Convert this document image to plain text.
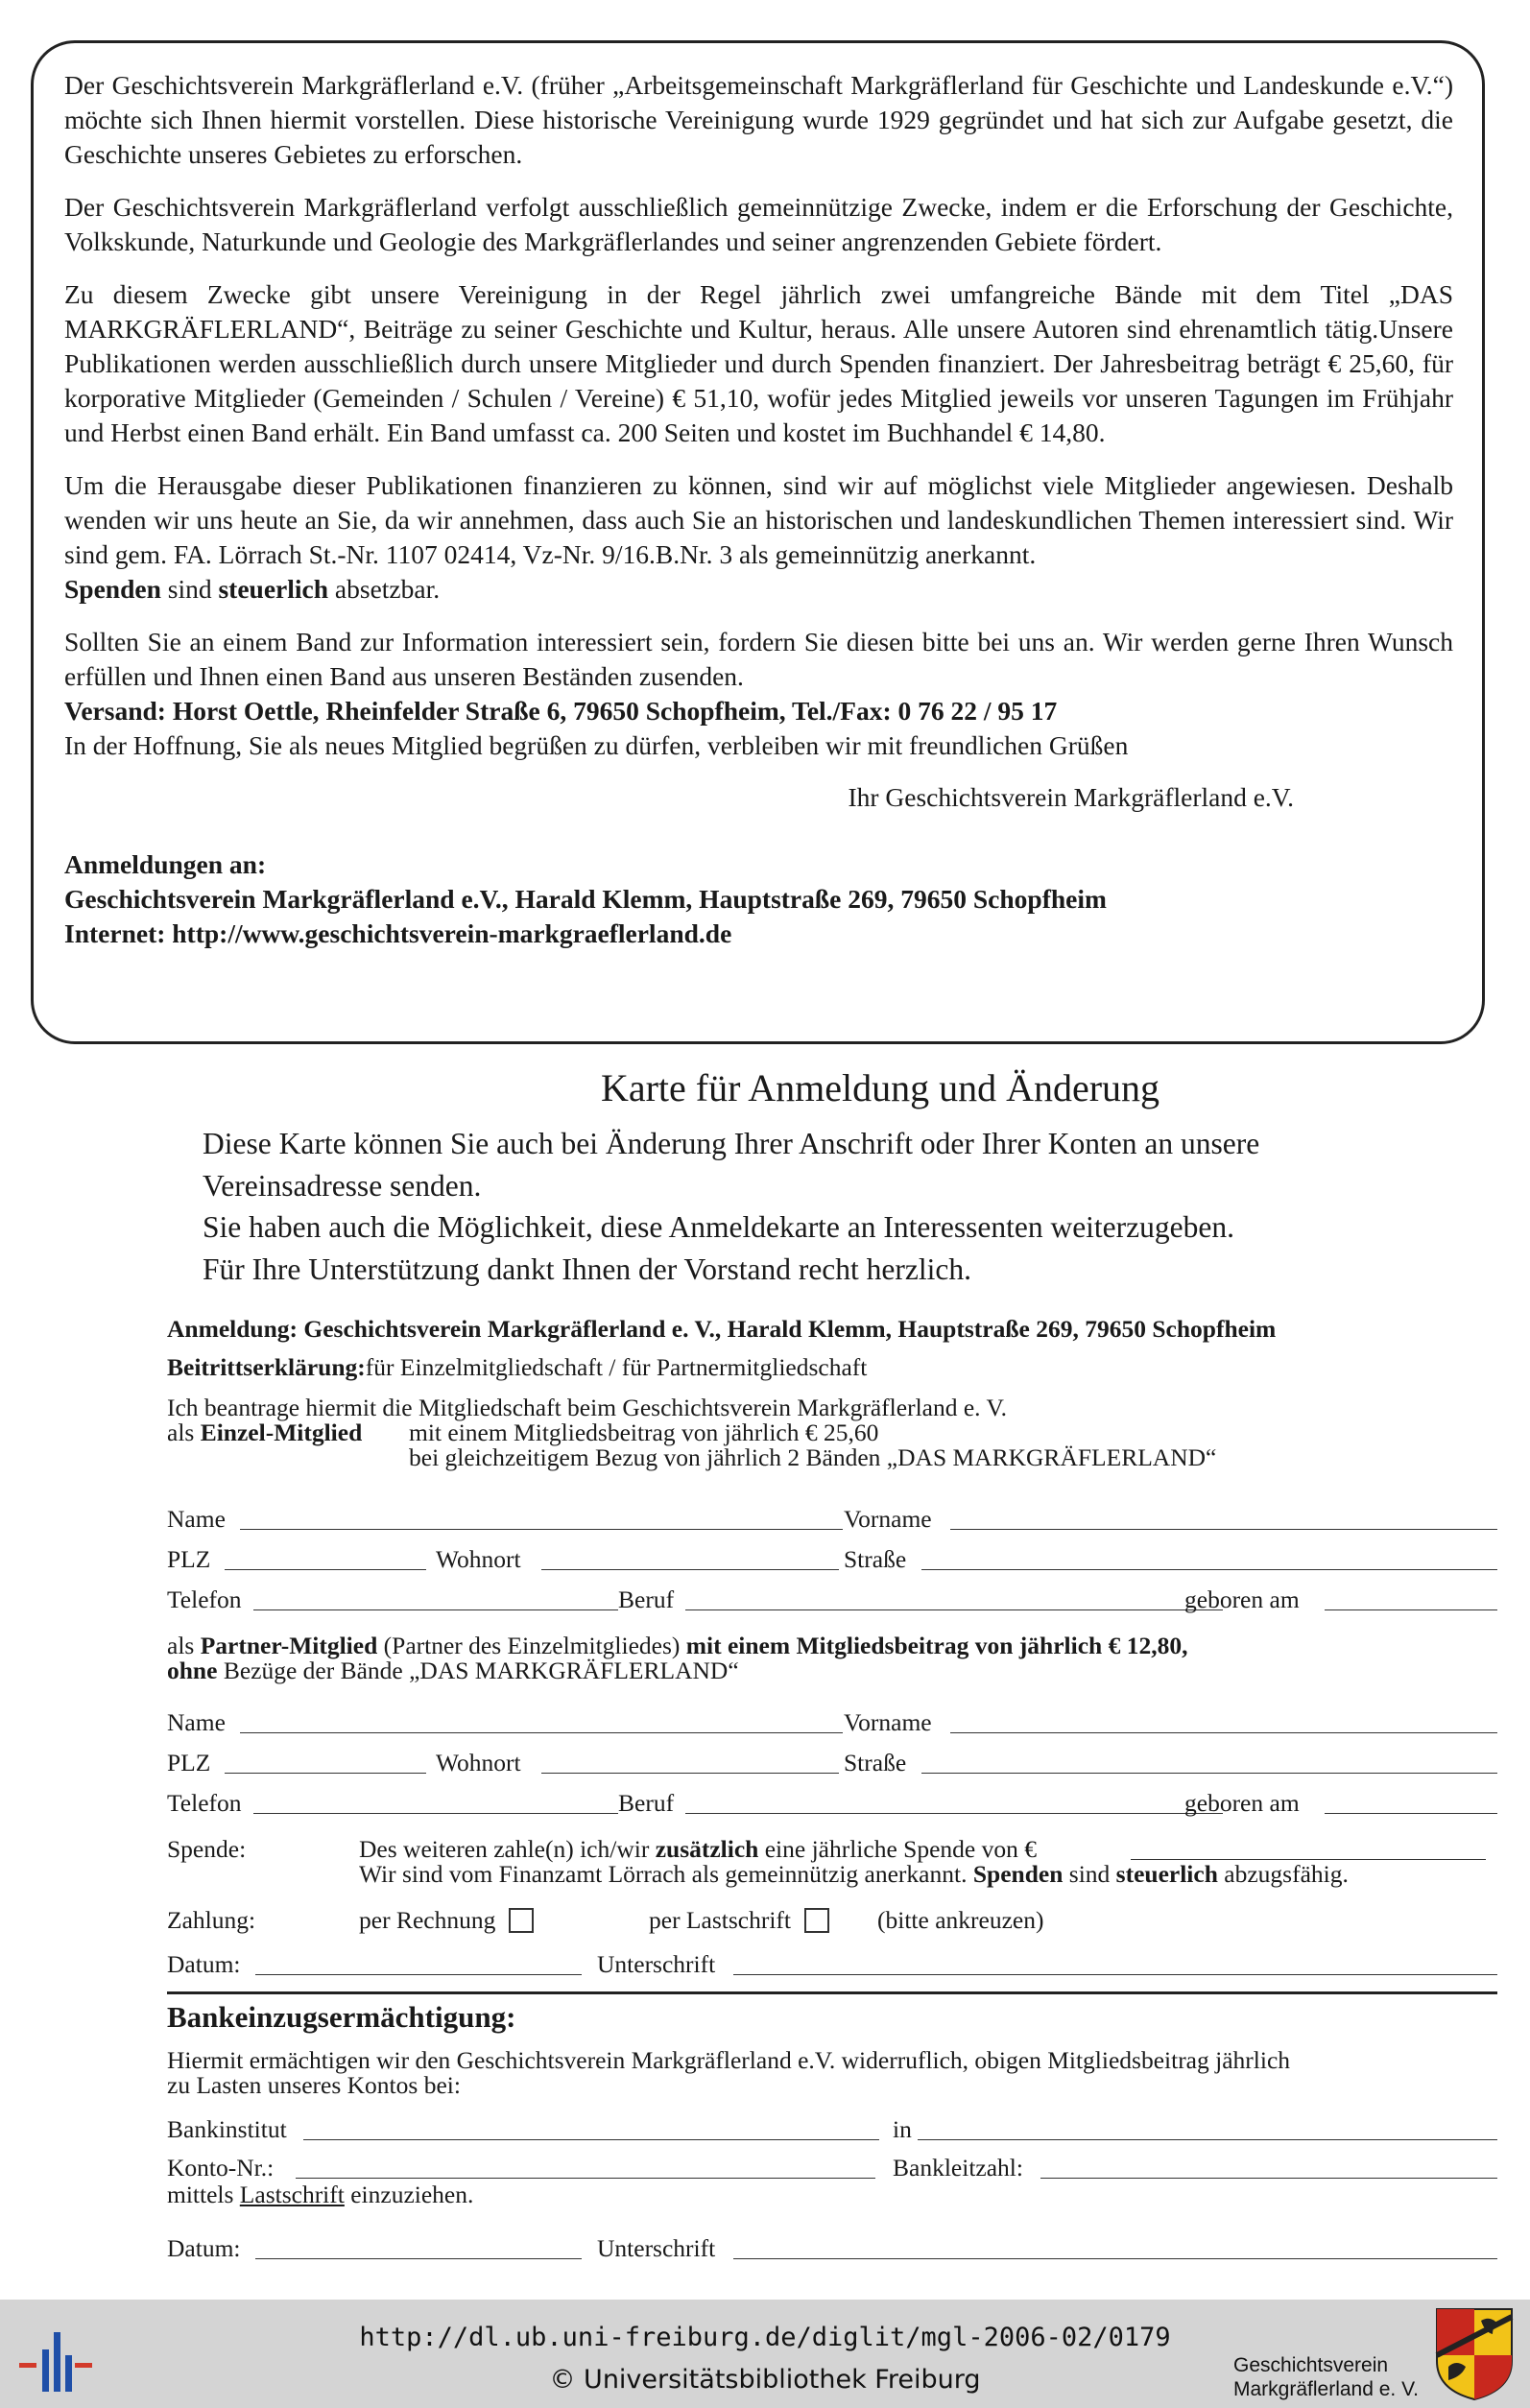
Der Geschichtsverein Markgräflerland e.V. (früher „Arbeitsgemeinschaft Markgräflerland für Geschichte und Landeskunde e.V.“) möchte sich Ihnen hiermit vorstellen. Diese historische Vereinigung wurde 1929 gegründet und hat sich zur Aufgabe gesetzt, die Geschichte unseres Gebietes zu erforschen.

Der Geschichtsverein Markgräflerland verfolgt ausschließlich gemeinnützige Zwecke, indem er die Erforschung der Geschichte, Volkskunde, Naturkunde und Geologie des Markgräflerlandes und seiner angrenzenden Gebiete fördert.

Zu diesem Zwecke gibt unsere Vereinigung in der Regel jährlich zwei umfangreiche Bände mit dem Titel „DAS MARKGRÄFLERLAND“, Beiträge zu seiner Geschichte und Kultur, heraus. Alle unsere Autoren sind ehrenamtlich tätig.Unsere Publikationen werden ausschließlich durch unsere Mitglieder und durch Spenden finanziert. Der Jahresbeitrag beträgt € 25,60, für korporative Mitglieder (Gemeinden / Schulen / Vereine) € 51,10, wofür jedes Mitglied jeweils vor unseren Tagungen im Frühjahr und Herbst einen Band erhält. Ein Band umfasst ca. 200 Seiten und kostet im Buchhandel € 14,80.

Um die Herausgabe dieser Publikationen finanzieren zu können, sind wir auf möglichst viele Mitglieder angewiesen. Deshalb wenden wir uns heute an Sie, da wir annehmen, dass auch Sie an historischen und landeskundlichen Themen interessiert sind. Wir sind gem. FA. Lörrach St.-Nr. 1107 02414, Vz-Nr. 9/16.B.Nr. 3 als gemeinnützig anerkannt.
Spenden sind steuerlich absetzbar.

Sollten Sie an einem Band zur Information interessiert sein, fordern Sie diesen bitte bei uns an. Wir werden gerne Ihren Wunsch erfüllen und Ihnen einen Band aus unseren Beständen zusenden.

Versand: Horst Oettle, Rheinfelder Straße 6, 79650 Schopfheim, Tel./Fax: 0 76 22 / 95 17

In der Hoffnung, Sie als neues Mitglied begrüßen zu dürfen, verbleiben wir mit freundlichen Grüßen

Ihr Geschichtsverein Markgräflerland e.V.

Anmeldungen an:

Geschichtsverein Markgräflerland e.V., Harald Klemm, Hauptstraße 269, 79650 Schopfheim

Internet: http://www.geschichtsverein-markgraeflerland.de

Karte für Anmeldung und Änderung
Diese Karte können Sie auch bei Änderung Ihrer Anschrift oder Ihrer Konten an unsere
Vereinsadresse senden.
Sie haben auch die Möglichkeit, diese Anmeldekarte an Interessenten weiterzugeben.
Für Ihre Unterstützung dankt Ihnen der Vorstand recht herzlich.
Anmeldung: Geschichtsverein Markgräflerland e. V., Harald Klemm, Hauptstraße 269, 79650 Schopfheim
Beitrittserklärung:für Einzelmitgliedschaft / für Partnermitgliedschaft
Ich beantrage hiermit die Mitgliedschaft beim Geschichtsverein Markgräflerland e. V.
als Einzel-Mitglied mit einem Mitgliedsbeitrag von jährlich € 25,60
bei gleichzeitigem Bezug von jährlich 2 Bänden „DAS MARKGRÄFLERLAND“
Name	Vorname
PLZ	Wohnort	Straße
Telefon	Beruf	geboren am
als Partner-Mitglied (Partner des Einzelmitgliedes) mit einem Mitgliedsbeitrag von jährlich € 12,80,
ohne Bezüge der Bände „DAS MARKGRÄFLERLAND“
Name	Vorname
PLZ	Wohnort	Straße
Telefon	Beruf	geboren am
Spende:	Des weiteren zahle(n) ich/wir zusätzlich eine jährliche Spende von €
Wir sind vom Finanzamt Lörrach als gemeinnützig anerkannt. Spenden sind steuerlich abzugsfähig.
Zahlung:	per Rechnung	per Lastschrift	(bitte ankreuzen)
Datum:	Unterschrift
Bankeinzugsermächtigung:
Hiermit ermächtigen wir den Geschichtsverein Markgräflerland e.V. widerruflich, obigen Mitgliedsbeitrag jährlich
zu Lasten unseres Kontos bei:
Bankinstitut	in
Konto-Nr.:	Bankleitzahl:
mittels Lastschrift einzuziehen.
Datum:	Unterschrift
http://dl.ub.uni-freiburg.de/diglit/mgl-2006-02/0179
© Universitätsbibliothek Freiburg	Geschichtsverein
Markgräflerland e. V.
